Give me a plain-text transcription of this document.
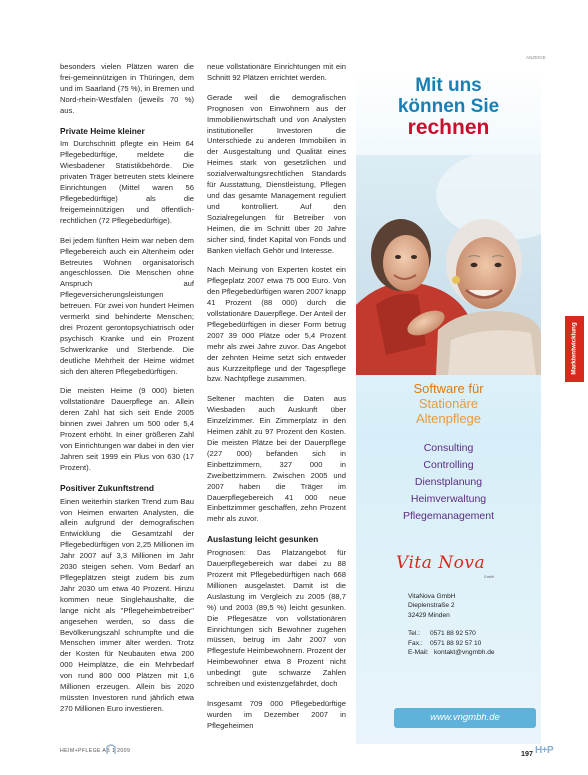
ANZEIGE

besonders vielen Plätzen waren die frei-gemeinnützigen in Thüringen, dem und im Saarland (75 %), in Bremen und Nord-rhein-Westfalen (jeweils 70 %) aus.

Private Heime kleiner

Im Durchschnitt pflegte ein Heim 64 Pflegebedürftige, meldete die Wiesbadener Statistikbehörde. Die privaten Träger betreuten stets kleinere Einrichtungen (Mittel waren 56 Pflegebedürftige) als die freigemeinnützigen und öffentlich-rechtlichen (72 Pflegebedürftige).

Bei jedem fünften Heim war neben dem Pflegebereich auch ein Altenheim oder Betreutes Wohnen organisatorisch angeschlossen. Die Menschen ohne Anspruch auf Pflegeversicherungsleistungen betreuen. Für zwei von hundert Heimen vermerkt sind behinderte Menschen; drei Prozent gerontopsychiatrisch oder psychisch Kranke und ein Prozent Schwerkranke und Sterbende. Die deutliche Mehrheit der Heime widmet sich den älteren Pflegebedürftigen.

Die meisten Heime (9 000) bieten vollstationäre Dauerpflege an. Allein deren Zahl hat sich seit Ende 2005 binnen zwei Jahren um 500 oder 5,4 Prozent erhöht. In einer größeren Zahl von Einrichtungen war dabei in den vier Jahren seit 1999 ein Plus von 630 (17 Prozent).

Positiver Zukunftstrend

Einen weiterhin starken Trend zum Bau von Heimen erwarten Analysten, die allein aufgrund der demografischen Entwicklung die Gesamtzahl der Pflegebedürftigen von 2,25 Millionen im Jahr 2007 auf 3,3 Millionen im Jahr 2030 steigen sehen. Vom Bedarf an Pflegeplätzen steigt zudem bis zum Jahr 2030 um etwa 40 Prozent. Hinzu kommen neue Singlehaushalte, die lange nicht als "Pflegeheimbetreiber" angesehen werden, so dass die Bevölkerungszahl schrumpfte und die Menschen immer älter werden. Trotz der Kosten für Neubauten etwa 200 000 Heimplätze, die ein Mehrbedarf von rund 800 000 Plätzen mit 1,6 Millionen erzeugen. Allein bis 2020 müssten Investoren rund jährlich etwa 270 Millionen Euro investieren.

neue vollstationäre Einrichtungen mit ein Schnitt 92 Plätzen errichtet werden.

Gerade weil die demografischen Prognosen von Einwohnern aus der Immobilienwirtschaft und von Analysten institutioneller Investoren die Unterschiede zu anderen Immobilien in der Ausgestaltung und Qualität eines Heimes stark von gesetzlichen und sozialverwaltungsrechtlichen Standards für Ausstattung, Dienstleistung, Pflegen und das gesamte Management reguliert und kontrolliert. Auf den Sozialregelungen für Betreiber von Heimen, die im Schnitt über 20 Jahre sicher sind, findet Kapital von Fonds und Banken vielfach Gehör und Interesse.

Nach Meinung von Experten kostet ein Pflegeplatz 2007 etwa 75 000 Euro. Von den Pflegebedürftigen waren 2007 knapp 41 Prozent (88 000) durch die vollstationäre Dauerpflege. Der Anteil der Pflegebedürftigen in dieser Form betrug 2007 39 000 Plätze oder 5,4 Prozent mehr als zwei Jahre zuvor. Das Angebot der zehnten Heime setzt sich entweder aus Kurzzeitpflege und der Tagespflege bzw. Nachtpflege zusammen.

Seltener machten die Daten aus Wiesbaden auch Auskunft über Einzelzimmer. Ein Zimmerplatz in den Heimen zählt zu 97 Prozent den Kosten. Die meisten Plätze bei der Dauerpflege (227 000) befanden sich in Einbettzimmern, 327 000 in Zweibettzimmern. Zwischen 2005 und 2007 haben die Träger im Dauerpflegebereich 41 000 neue Einbettzimmer geschaffen, zehn Prozent mehr als zuvor.

Auslastung leicht gesunken

Prognosen: Das Platzangebot für Dauerpflegebereich war dabei zu 88 Prozent mit Pflegebedürftigen nach 668 Millionen ausgelastet. Damit ist die Auslastung im Vergleich zu 2005 (88,7 %) und 2003 (89,5 %) leicht gesunken. Die Pflegesätze von vollstationären Einrichtungen sich Bewohner zugehen müssen, betrug im Jahr 2007 von Pflegestufe Heimbewohnern. Prozent der Heimbewohner etwa 8 Prozent nicht unbedingt gute schwarze Zahlen schreiben und existenzgefährdet, doch

Insgesamt 709 000 Pflegebedürftige wurden im Dezember 2007 in Pflegeheimen

Mit uns
können Sie
rechnen
Software für
Stationäre
Altenpflege
Consulting
Controlling
Dienstplanung
Heimverwaltung
Pflegemanagement
Vita Nova
GmbH
VitaNova GmbH
Dieplenstraße 2
32429 Minden
Tel.: 0571 88 92 570
Fax.: 0571 88 92 57 10
E-Mail: kontakt@vngmbh.de
www.vngmbh.de
Marktentwicklung
HEIM+PFLEGE AB 1 2009	197 H+P
